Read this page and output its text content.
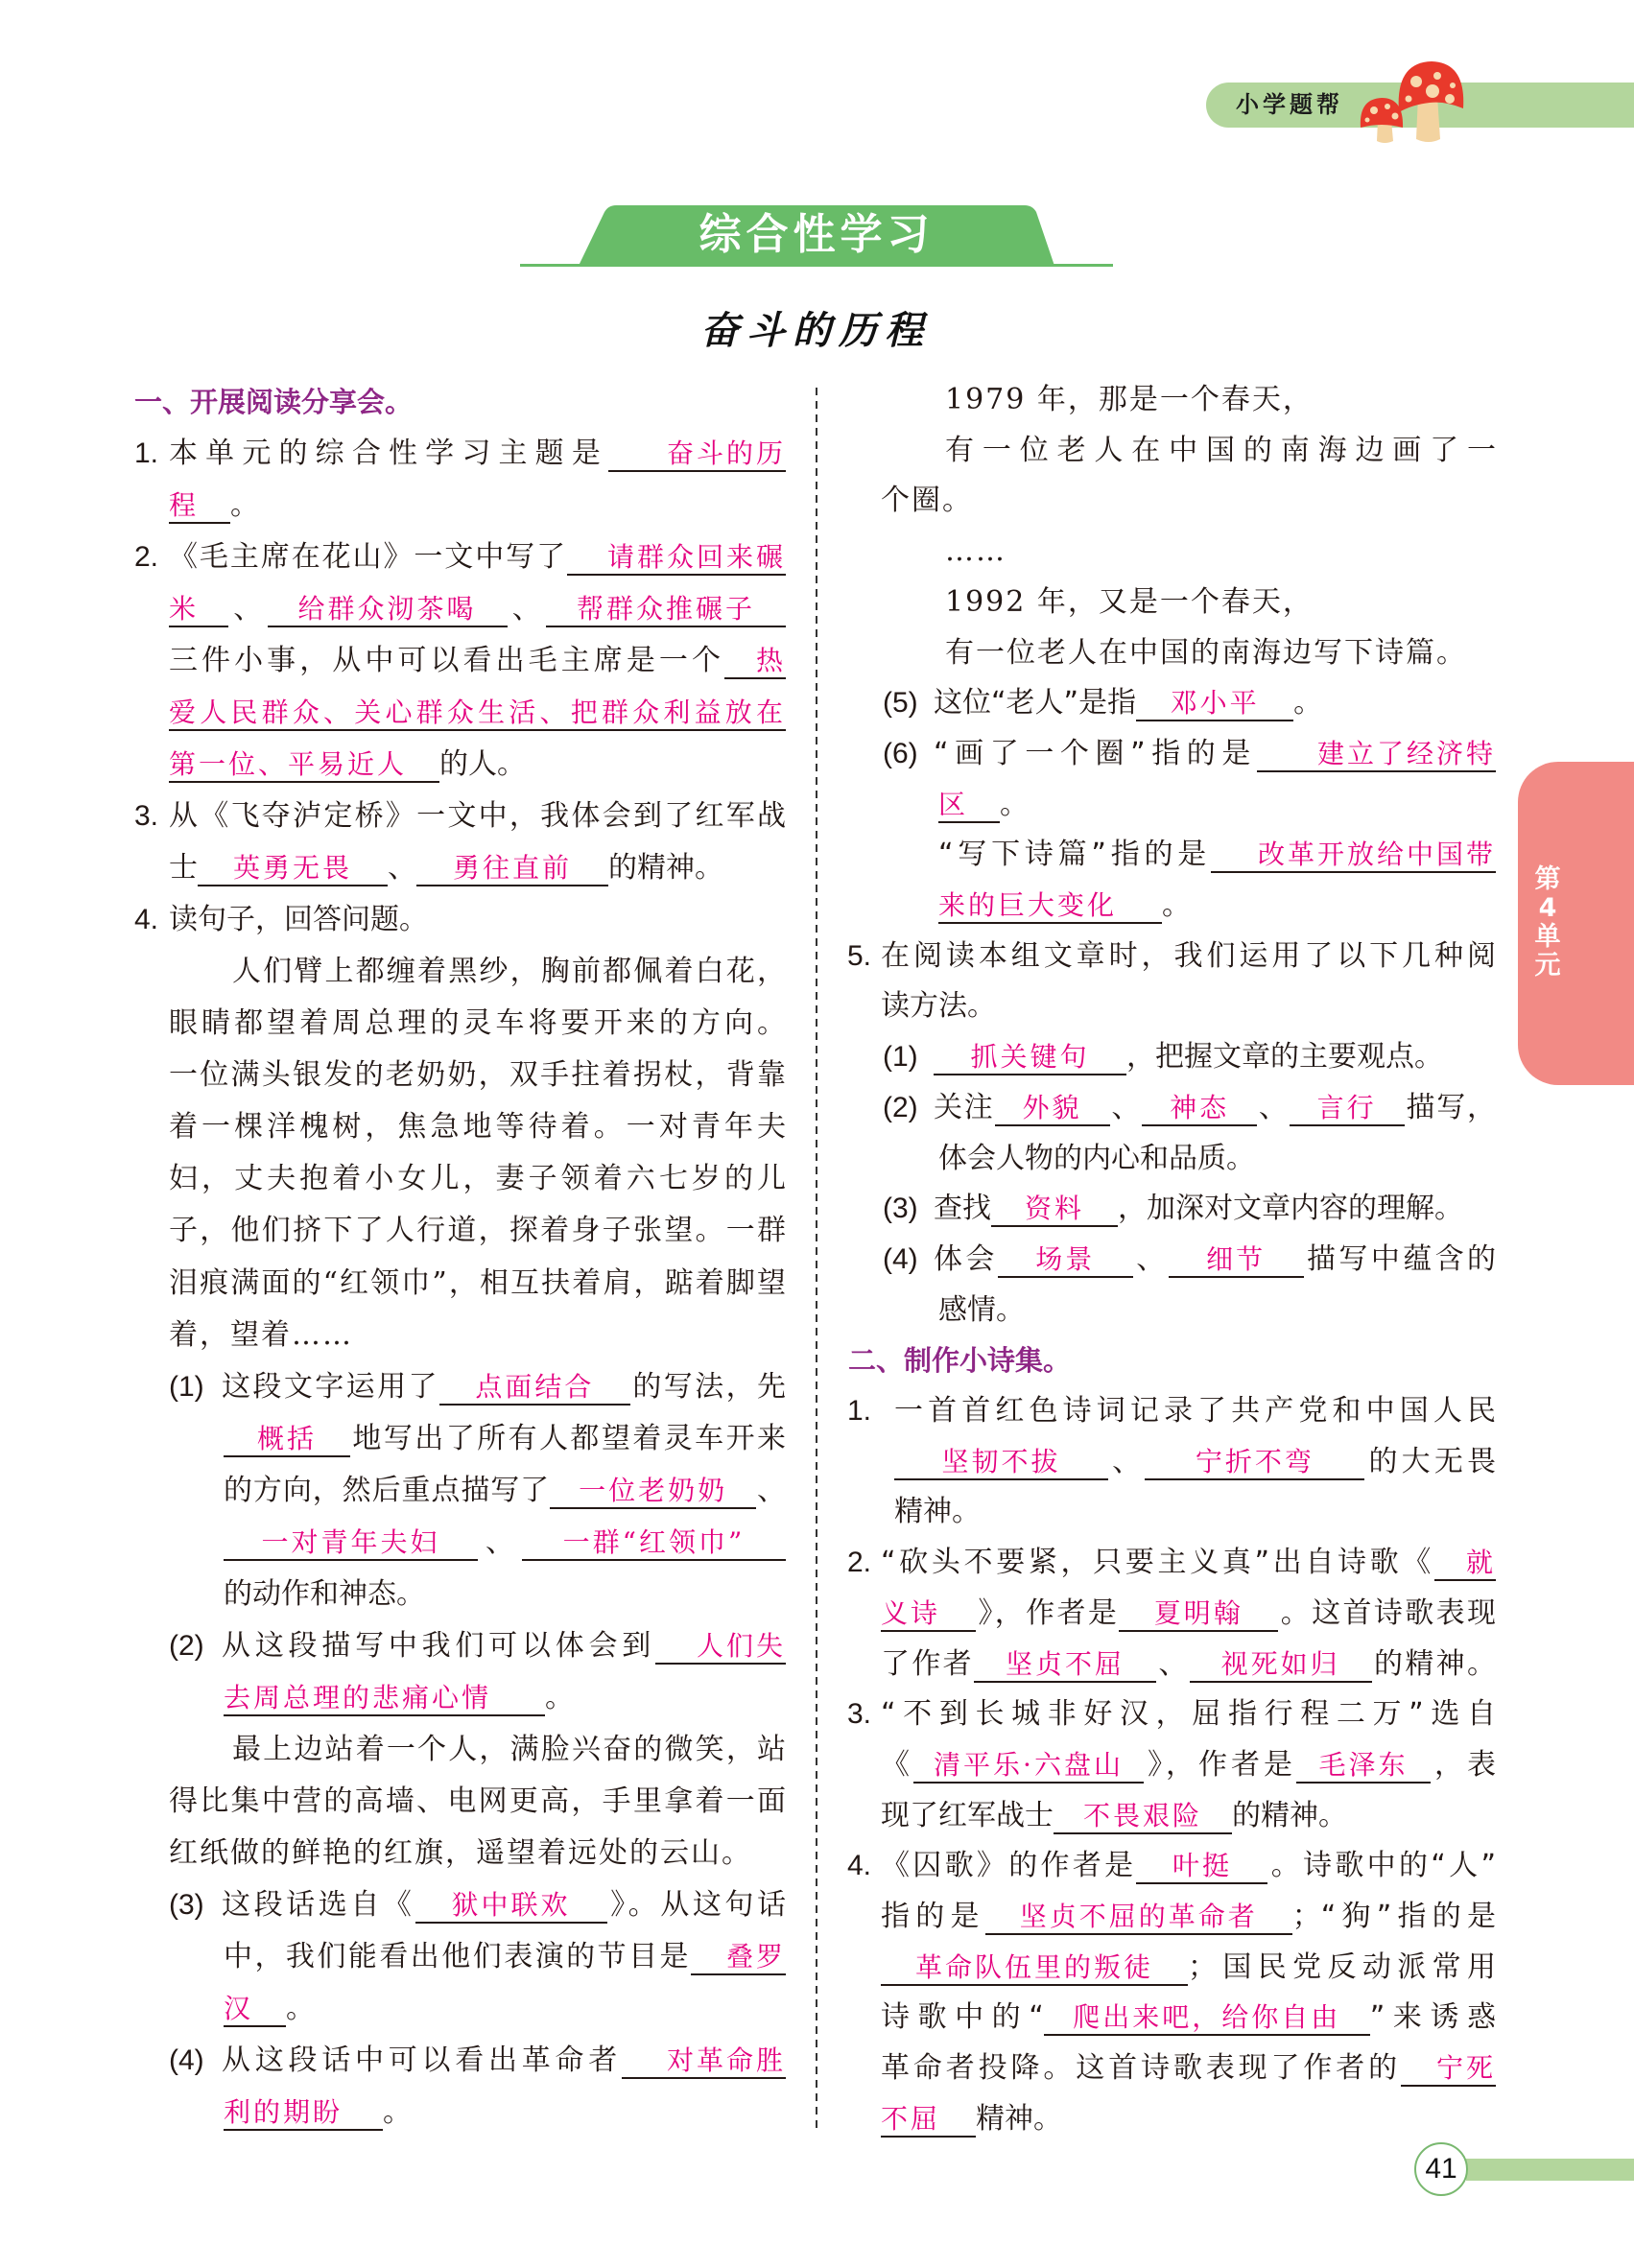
小学题帮
综合性学习
奋斗的历程
一、开展阅读分享会。
1. 本单元的综合性学习主题是 奋斗的历
程 。
2. 《毛主席在花山》一文中写了 请群众回来碾
米 、 给群众沏茶喝 、 帮群众推碾子
三件小事，从中可以看出毛主席是一个 热
爱人民群众、关心群众生活、把群众利益放在
第一位、平易近人 的人。
3. 从《飞夺泸定桥》一文中，我体会到了红军战
士 英勇无畏 、 勇往直前 的精神。
4. 读句子，回答问题。
人们臂上都缠着黑纱，胸前都佩着白花，
眼睛都望着周总理的灵车将要开来的方向。
一位满头银发的老奶奶，双手拄着拐杖，背靠
着一棵洋槐树，焦急地等待着。一对青年夫
妇，丈夫抱着小女儿，妻子领着六七岁的儿
子，他们挤下了人行道，探着身子张望。一群
泪痕满面的“红领巾”，相互扶着肩，踮着脚望
着，望着……
(1) 这段文字运用了 点面结合 的写法，先
概括 地写出了所有人都望着灵车开来
的方向，然后重点描写了 一位老奶奶 、
一对青年夫妇 、 一群“红领巾”
的动作和神态。
(2) 从这段描写中我们可以体会到 人们失
去周总理的悲痛心情 。
最上边站着一个人，满脸兴奋的微笑，站
得比集中营的高墙、电网更高，手里拿着一面
红纸做的鲜艳的红旗，遥望着远处的云山。
(3) 这段话选自《 狱中联欢 》。从这句话
中，我们能看出他们表演的节目是 叠罗
汉 。
(4) 从这段话中可以看出革命者 对革命胜
利的期盼 。
1979 年，那是一个春天，
有一位老人在中国的南海边画了一
个圈。
……
1992 年，又是一个春天，
有一位老人在中国的南海边写下诗篇。
(5) 这位“老人”是指 邓小平 。
(6) “画了一个圈”指的是 建立了经济特
区 。
“写下诗篇”指的是 改革开放给中国带
来的巨大变化 。
5. 在阅读本组文章时，我们运用了以下几种阅
读方法。
(1) 抓关键句 ，把握文章的主要观点。
(2) 关注 外貌 、 神态 、 言行 描写，
体会人物的内心和品质。
(3) 查找 资料 ，加深对文章内容的理解。
(4) 体会 场景 、 细节 描写中蕴含的
感情。
二、制作小诗集。
1. 一首首红色诗词记录了共产党和中国人民
坚韧不拔 、 宁折不弯 的大无畏
精神。
2. “砍头不要紧，只要主义真”出自诗歌《 就
义诗 》，作者是 夏明翰 。这首诗歌表现
了作者 坚贞不屈 、 视死如归 的精神。
3. “不到长城非好汉，屈指行程二万”选自
《 清平乐·六盘山 》，作者是 毛泽东 ，表
现了红军战士 不畏艰险 的精神。
4. 《囚歌》的作者是 叶挺 。诗歌中的“人”
指的是 坚贞不屈的革命者 ；“狗”指的是
革命队伍里的叛徒 ；国民党反动派常用
诗歌中的“ 爬出来吧，给你自由 ”来诱惑
革命者投降。这首诗歌表现了作者的 宁死
不屈 精神。
第
4
单
元
41
